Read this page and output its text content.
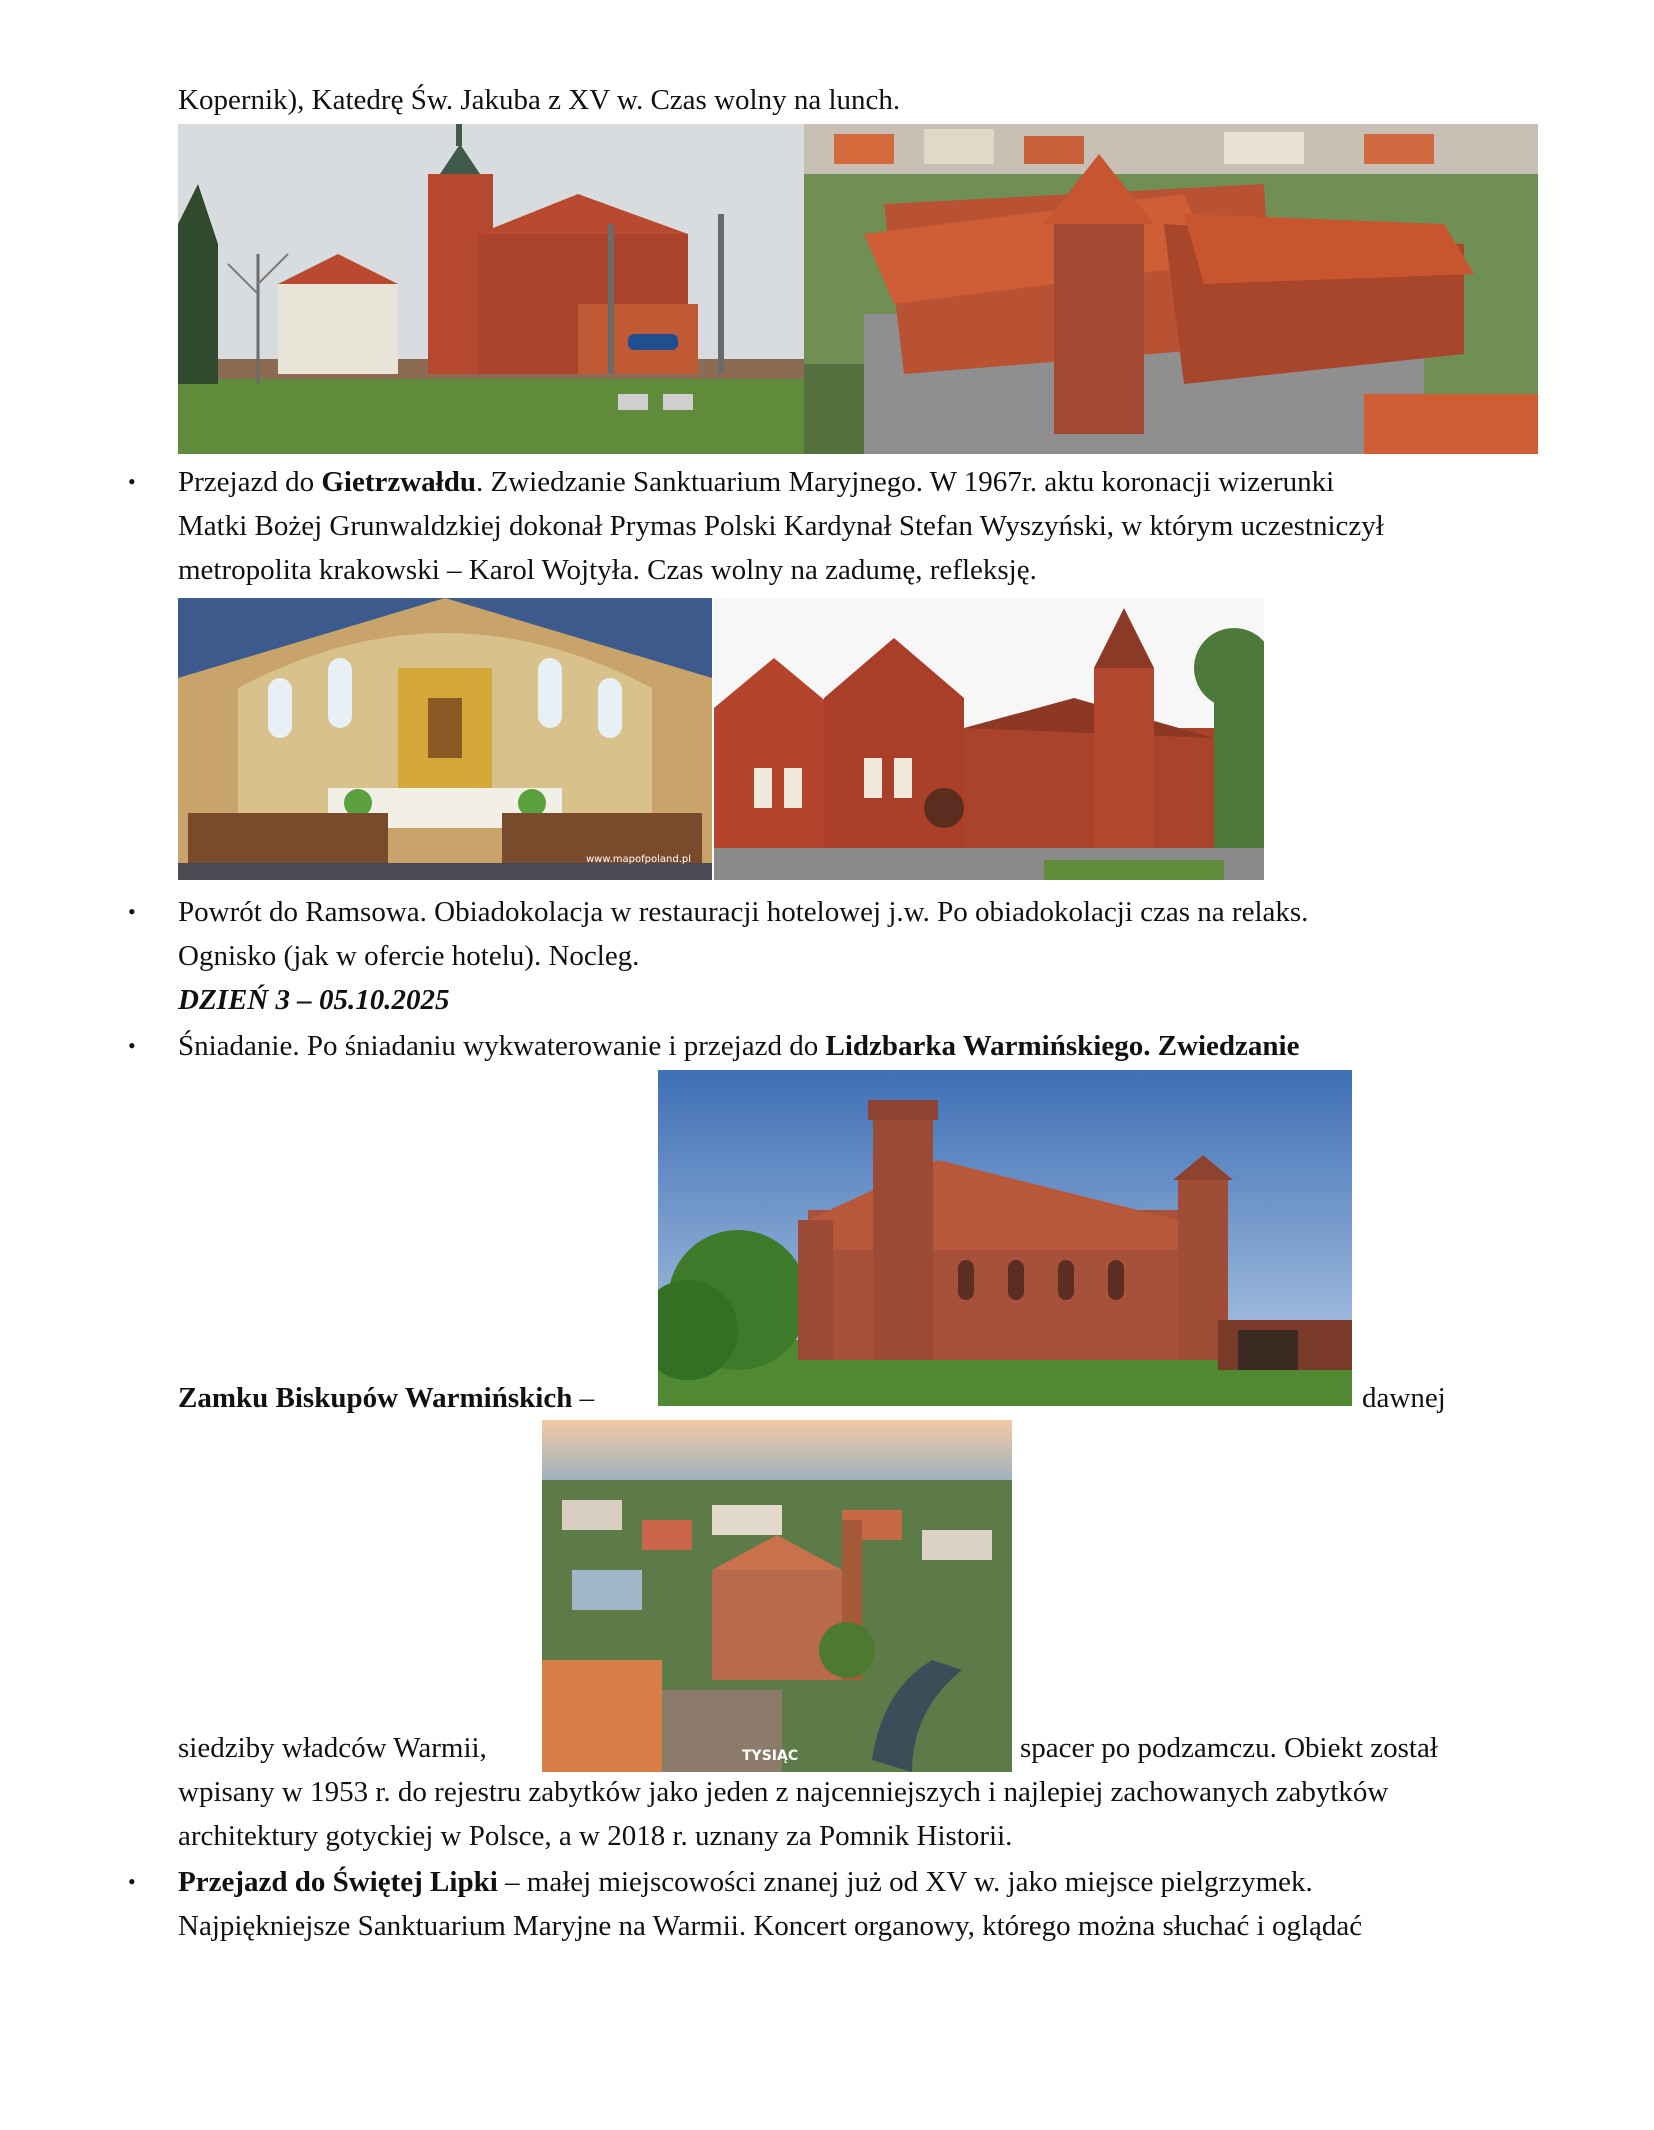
Kopernik), Katedrę Św. Jakuba z XV w. Czas wolny na lunch.
• Przejazd do Gietrzwałdu. Zwiedzanie Sanktuarium Maryjnego. W 1967r. aktu koronacji wizerunki
Matki Bożej Grunwaldzkiej dokonał Prymas Polski Kardynał Stefan Wyszyński, w którym uczestniczył
metropolita krakowski – Karol Wojtyła. Czas wolny na zadumę, refleksję.
www.mapofpoland.pl
• Powrót do Ramsowa. Obiadokolacja w restauracji hotelowej j.w. Po obiadokolacji czas na relaks.
Ognisko (jak w ofercie hotelu). Nocleg.
DZIEŃ 3 – 05.10.2025
• Śniadanie. Po śniadaniu wykwaterowanie i przejazd do Lidzbarka Warmińskiego. Zwiedzanie
Zamku Biskupów Warmińskich –	dawnej
TYSIĄC
siedziby władców Warmii,	spacer po podzamczu. Obiekt został
wpisany w 1953 r. do rejestru zabytków jako jeden z najcenniejszych i najlepiej zachowanych zabytków
architektury gotyckiej w Polsce, a w 2018 r. uznany za Pomnik Historii.
• Przejazd do Świętej Lipki – małej miejscowości znanej już od XV w. jako miejsce pielgrzymek.
Najpiękniejsze Sanktuarium Maryjne na Warmii. Koncert organowy, którego można słuchać i oglądać
